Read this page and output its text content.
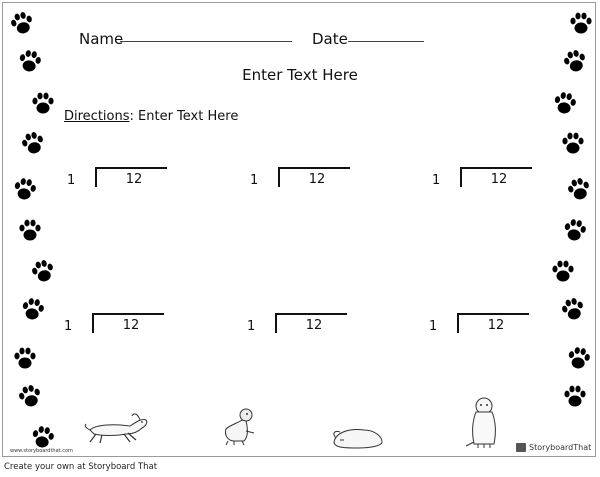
Name	Date
Enter Text Here
Directions: Enter Text Here
1	12	1	12	1	12
1	12	1	12	1	12
www.storyboardthat.com	StoryboardThat
Create your own at Storyboard That
